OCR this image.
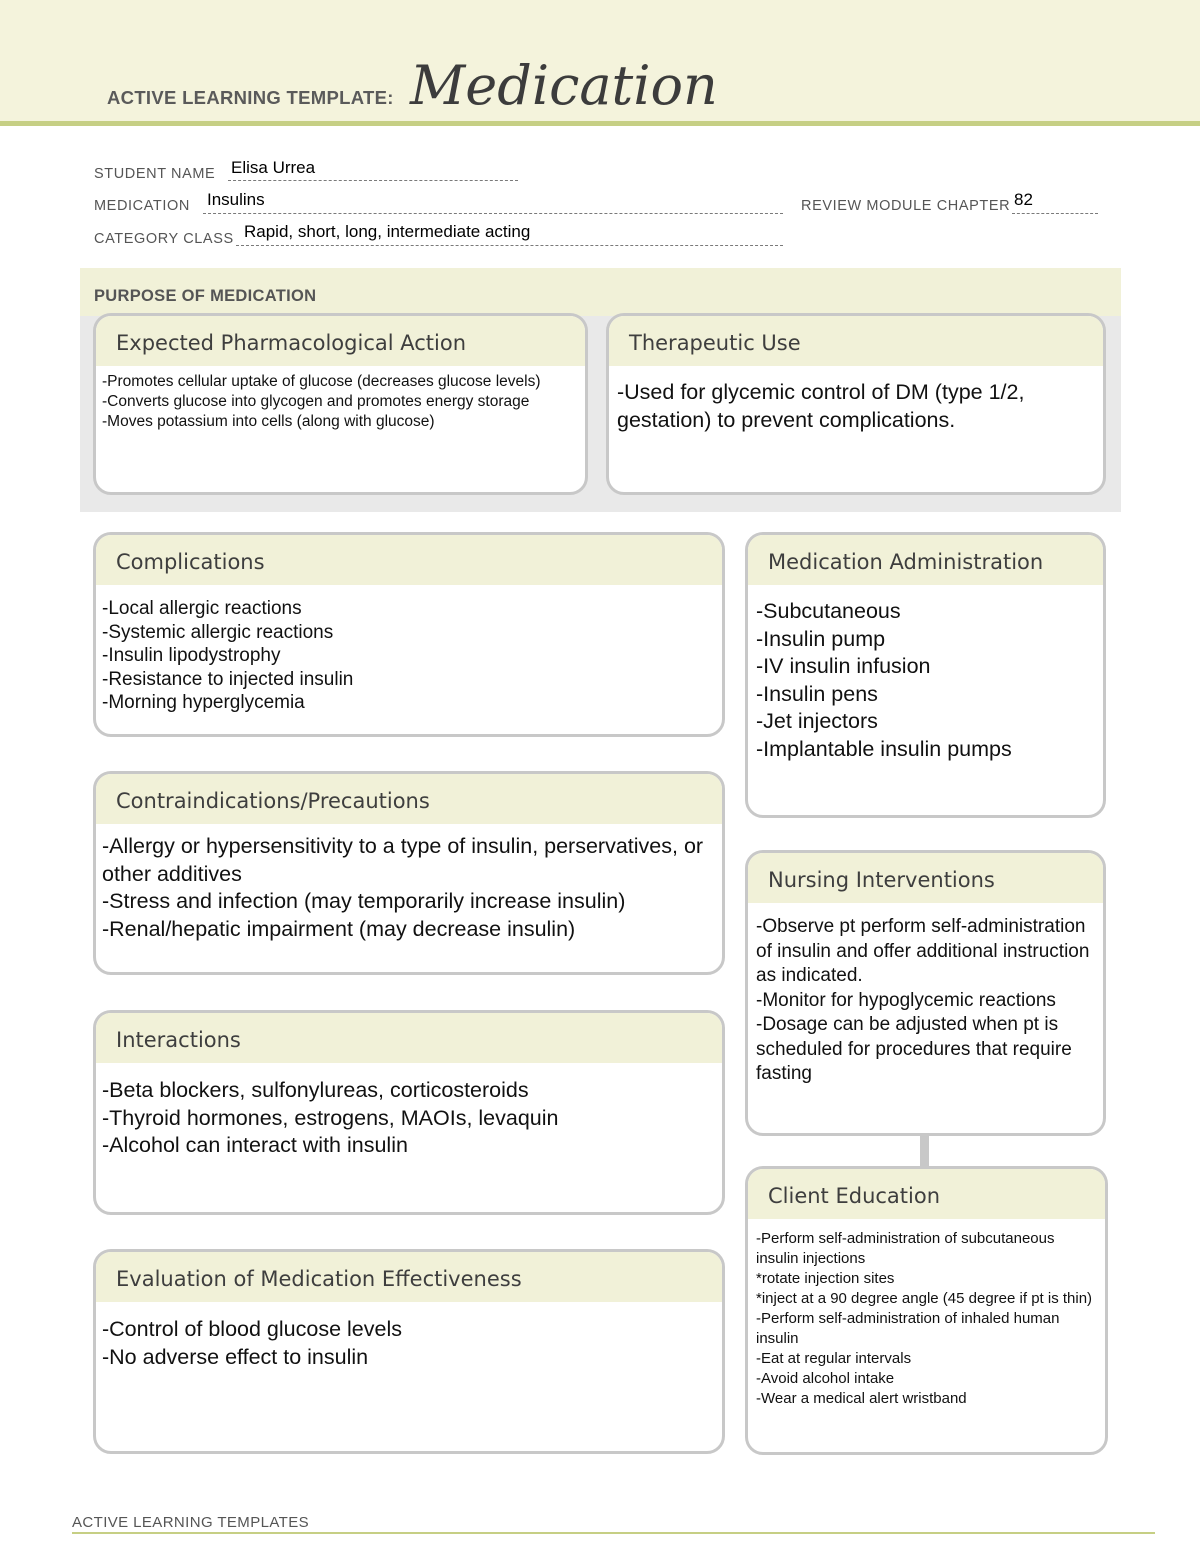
ACTIVE LEARNING TEMPLATE: Medication
STUDENT NAME Elisa Urrea
MEDICATION Insulins	REVIEW MODULE CHAPTER 82
CATEGORY CLASS Rapid, short, long, intermediate acting
PURPOSE OF MEDICATION
Expected Pharmacological Action
-Promotes cellular uptake of glucose (decreases glucose levels)
-Converts glucose into glycogen and promotes energy storage
-Moves potassium into cells (along with glucose)
Therapeutic Use
-Used for glycemic control of DM (type 1/2, gestation) to prevent complications.
Complications
-Local allergic reactions
-Systemic allergic reactions
-Insulin lipodystrophy
-Resistance to injected insulin
-Morning hyperglycemia
Contraindications/Precautions
-Allergy or hypersensitivity to a type of insulin, perservatives, or other additives
-Stress and infection (may temporarily increase insulin)
-Renal/hepatic impairment (may decrease insulin)
Interactions
-Beta blockers, sulfonylureas, corticosteroids
-Thyroid hormones, estrogens, MAOIs, levaquin
-Alcohol can interact with insulin
Evaluation of Medication Effectiveness
-Control of blood glucose levels
-No adverse effect to insulin
Medication Administration
-Subcutaneous
-Insulin pump
-IV insulin infusion
-Insulin pens
-Jet injectors
-Implantable insulin pumps
Nursing Interventions
-Observe pt perform self-administration of insulin and offer additional instruction as indicated.
-Monitor for hypoglycemic reactions
-Dosage can be adjusted when pt is scheduled for procedures that require fasting
Client Education
-Perform self-administration of subcutaneous insulin injections
*rotate injection sites
*inject at a 90 degree angle (45 degree if pt is thin)
-Perform self-administration of inhaled human insulin
-Eat at regular intervals
-Avoid alcohol intake
-Wear a medical alert wristband
ACTIVE LEARNING TEMPLATES
